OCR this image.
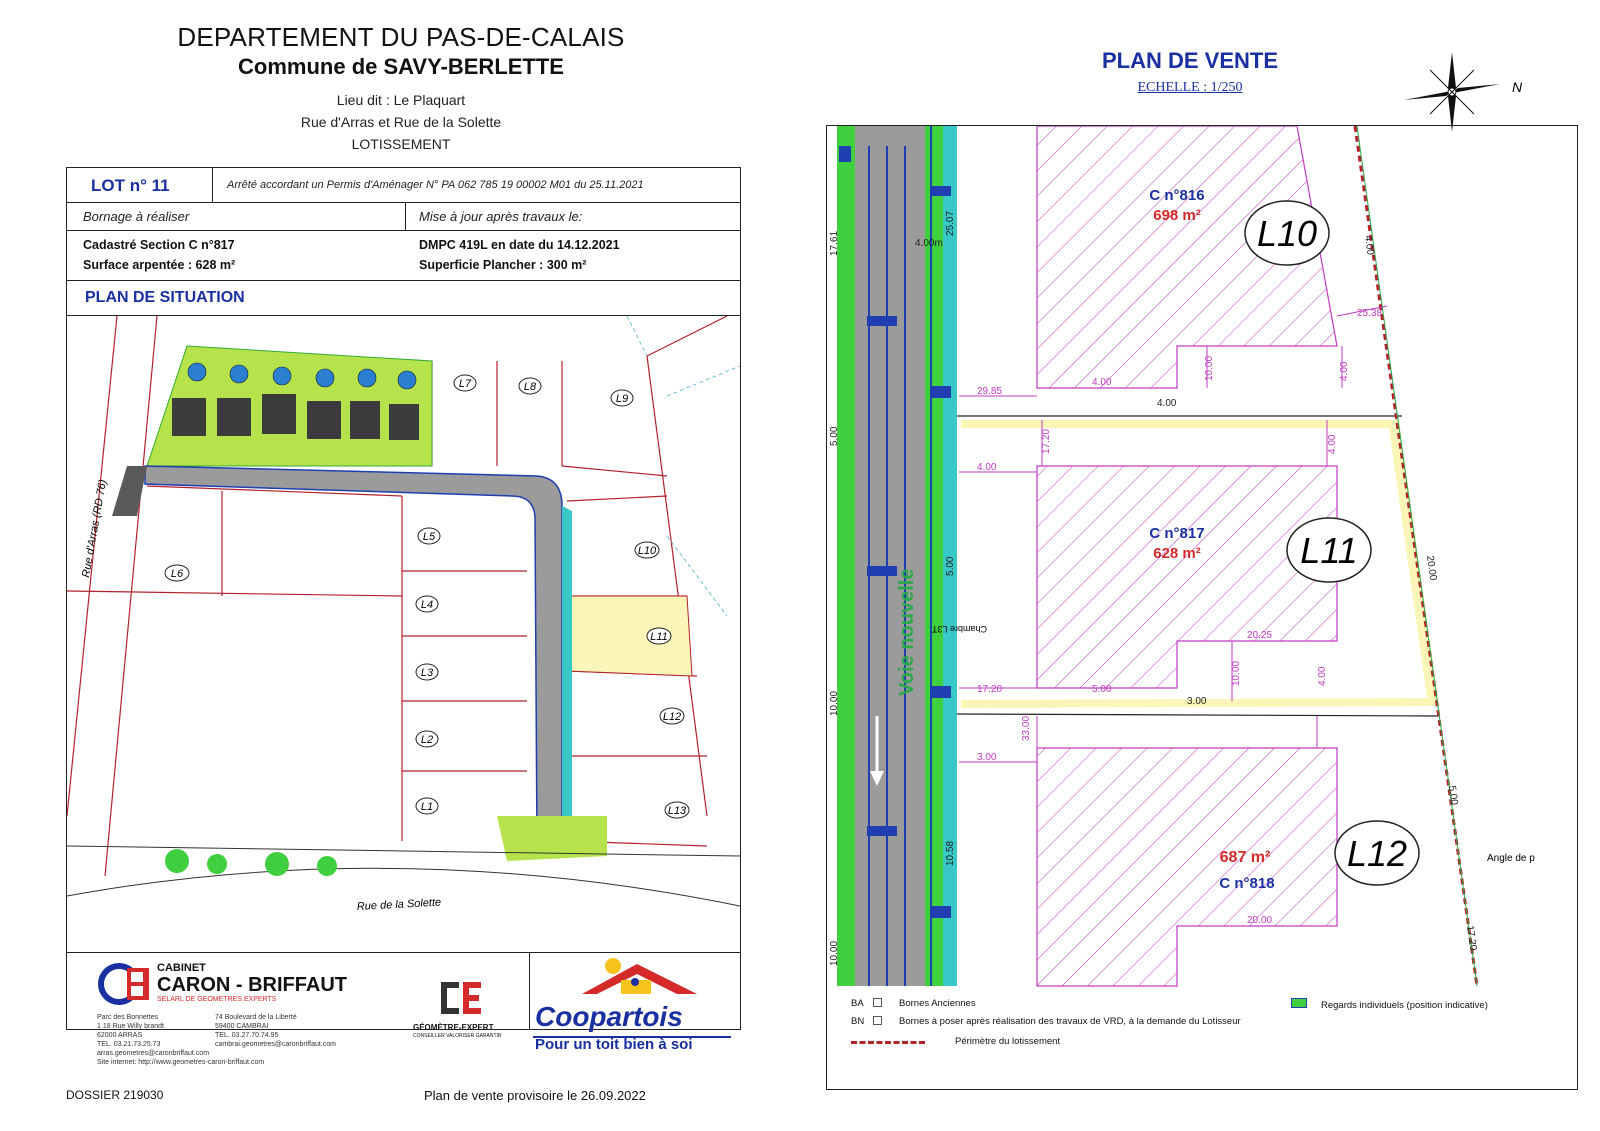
DEPARTEMENT DU PAS-DE-CALAIS
Commune de SAVY-BERLETTE
Lieu dit : Le Plaquart
Rue d'Arras et Rue de la Solette
LOTISSEMENT
LOT n° 11	Arrêté accordant un Permis d'Aménager N° PA 062 785 19 00002 M01 du 25.11.2021
Bornage à réaliser	Mise à jour après travaux le:
Cadastré Section C n°817
Surface arpentée : 628 m²
DMPC 419L en date du 14.12.2021
Superficie Plancher : 300 m²
PLAN DE SITUATION
L7	L8
L9
L10
L11
L12
L13
L5
L4
L3
L2
L1
L6
Rue d'Arras (RD 76)
Rue de la Solette
CABINET
CARON - BRIFFAUT
SELARL DE GEOMETRES EXPERTS
Parc des Bonnettes
1 18 Rue Willy brandt
62000 ARRAS
TEL. 03.21.73.25.73
arras.geometres@caronbriffaut.com
Site internet: http://www.geometres-caron-briffaut.com
74 Boulevard de la Liberté
59400 CAMBRAI
TEL. 03.27.70.74.95
cambrai.geometres@caronbriffaut.com
GÉOMÈTRE-EXPERT
CONSEILLER VALORISER GARANTIR
Coopartois
Pour un toit bien à soi
DOSSIER 219030	Plan de vente provisoire le 26.09.2022
PLAN DE VENTE
ECHELLE : 1/250	N
Voie nouvelle
25.07
17.61	4.00m	4.00
25.38
4.00
10.00	4.00
4.00
29.85
5.00	17.20	4.00
4.00
5.00	20.00
20.25
10.00
17.20	5.00
10.00	4.00
3.00
33.00
3.00
5.00
10.58
20.00
10.00
17.20
Chambre L3T
Angle de p
C n°816
698 m² L10
C n°817
628 m²	L11
687 m²
C n°818
L12
BA	Bornes Anciennes
BN	Bornes à poser après réalisation des travaux de VRD, à la demande du Lotisseur
Périmètre du lotissement
Regards individuels (position indicative)
